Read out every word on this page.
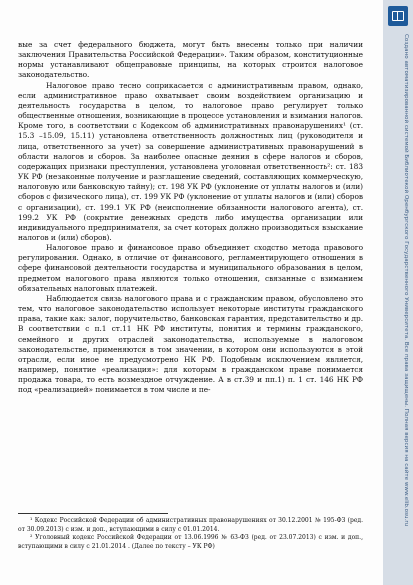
вые за счет федерального бюджета, могут быть внесены только при наличии заключения Правительства Российской Федерации». Таким образом, конституционные нормы устанавливают общеправовые принципы, на которых строится налоговое законодательство.

Налоговое право тесно соприкасается с административным правом, однако, если административное право охватывает своим воздействием организацию и деятельность государства в целом, то налоговое право регулирует только общественные отношения, возникающие в процессе установления и взимания налогов. Кроме того, в соответствии с Кодексом об административных правонарушениях¹ (ст. 15.3 –15.09, 15.11) установлена ответственность должностных лиц (руководителя и лица, ответственного за учет) за совершение административных правонарушений в области налогов и сборов. За наиболее опасные деяния в сфере налогов и сборов, содержащих признаки преступления, установлена уголовная ответственность²: ст. 183 УК РФ (незаконные получение и разглашение сведений, составляющих коммерческую, налоговую или банковскую тайну); ст. 198 УК РФ (уклонение от уплаты налогов и (или) сборов с физического лица), ст. 199 УК РФ (уклонение от уплаты налогов и (или) сборов с организации), ст. 199.1 УК РФ (неисполнение обязанности налогового агента), ст. 199.2 УК РФ (сокрытие денежных средств либо имущества организации или индивидуального предпринимателя, за счет которых должно производиться взыскание налогов и (или) сборов).

Налоговое право и финансовое право объединяет сходство метода правового регулирования. Однако, в отличие от финансового, регламентирующего отношения в сфере финансовой деятельности государства и муниципального образования в целом, предметом налогового права являются только отношения, связанные с взиманием обязательных налоговых платежей.

Наблюдается связь налогового права и с гражданским правом, обусловлено это тем, что налоговое законодательство использует некоторые институты гражданского права, такие как: залог, поручительство, банковская гарантия, представительство и др. В соответствии с п.1 ст.11 НК РФ институты, понятия и термины гражданского, семейного и других отраслей законодательства, используемые в налоговом законодательстве, применяются в том значении, в котором они используются в этой отрасли, если иное не предусмотрено НК РФ. Подобным исключением является, например, понятие «реализация»: для которым в гражданском праве понимается продажа товара, то есть возмездное отчуждение. А в ст.39 и пп.1) п. 1 ст. 146 НК РФ под «реализацией» понимается в том числе и пе-

¹ Кодекс Российской Федерации об административных правонарушениях от 30.12.2001 № 195-ФЗ (ред. от 30.09.2013) с изм. и доп., вступающими в силу с 01.01.2014.

² Уголовный кодекс Российской Федерации от 13.06.1996 № 63-ФЗ (ред. от 23.07.2013) с изм. и доп., вступающими в силу с 21.01.2014 . (Далее по тексту – УК РФ)

Создано автоматизированной системой Библиотекой Оренбургского Государственного Университета. Все права защищены. Полная версия на сайте www.elib.osu.ru
